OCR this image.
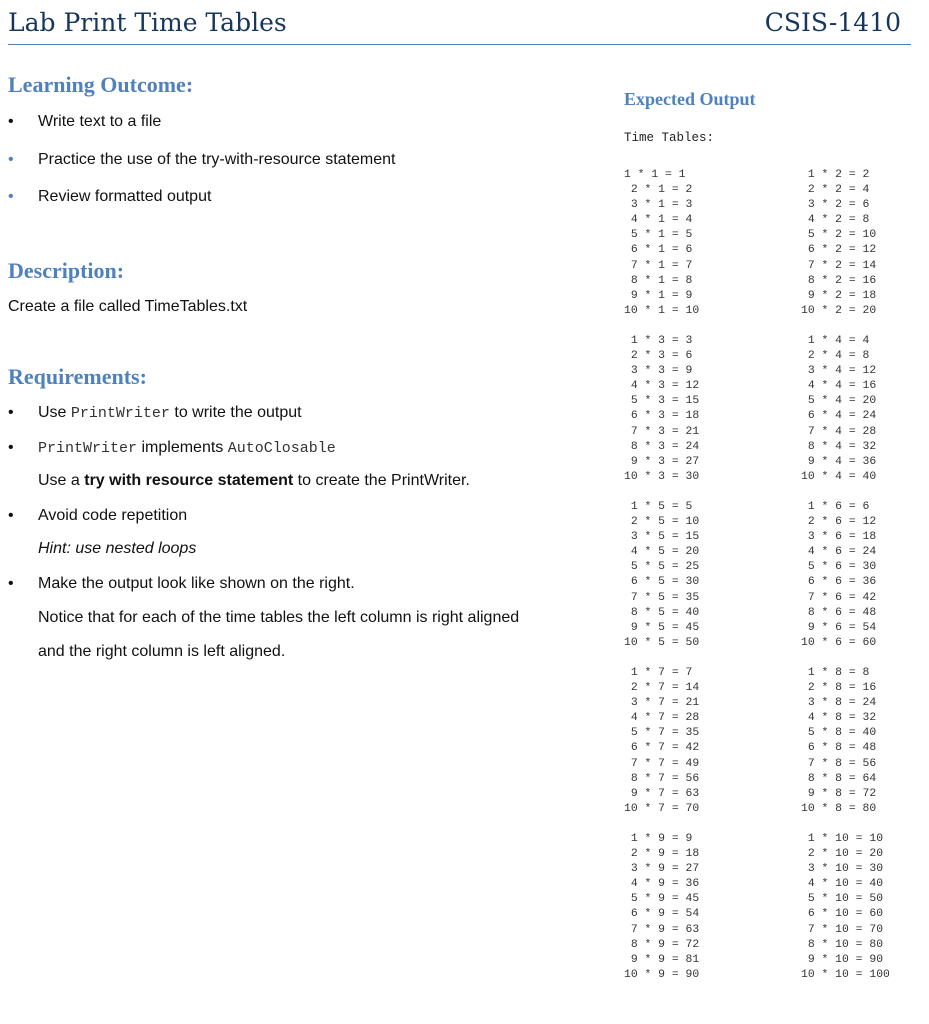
Lab Print Time Tables	CSIS-1410
Learning Outcome:
• Write text to a file
• Practice the use of the try-with-resource statement
• Review formatted output
Description:
Create a file called TimeTables.txt
Requirements:
• Use PrintWriter to write the output
• PrintWriter implements AutoClosable
Use a try with resource statement to create the PrintWriter.
• Avoid code repetition
Hint: use nested loops
• Make the output look like shown on the right.
Notice that for each of the time tables the left column is right aligned
and the right column is left aligned.
Expected Output
Time Tables:
1 * 1 = 1
2 * 1 = 2
3 * 1 = 3
4 * 1 = 4
5 * 1 = 5
6 * 1 = 6
7 * 1 = 7
8 * 1 = 8
9 * 1 = 9
10 * 1 = 10
1 * 2 = 2
2 * 2 = 4
3 * 2 = 6
4 * 2 = 8
5 * 2 = 10
6 * 2 = 12
7 * 2 = 14
8 * 2 = 16
9 * 2 = 18
10 * 2 = 20
1 * 3 = 3
2 * 3 = 6
3 * 3 = 9
4 * 3 = 12
5 * 3 = 15
6 * 3 = 18
7 * 3 = 21
8 * 3 = 24
9 * 3 = 27
10 * 3 = 30
1 * 4 = 4
2 * 4 = 8
3 * 4 = 12
4 * 4 = 16
5 * 4 = 20
6 * 4 = 24
7 * 4 = 28
8 * 4 = 32
9 * 4 = 36
10 * 4 = 40
1 * 5 = 5
2 * 5 = 10
3 * 5 = 15
4 * 5 = 20
5 * 5 = 25
6 * 5 = 30
7 * 5 = 35
8 * 5 = 40
9 * 5 = 45
10 * 5 = 50
1 * 6 = 6
2 * 6 = 12
3 * 6 = 18
4 * 6 = 24
5 * 6 = 30
6 * 6 = 36
7 * 6 = 42
8 * 6 = 48
9 * 6 = 54
10 * 6 = 60
1 * 7 = 7
2 * 7 = 14
3 * 7 = 21
4 * 7 = 28
5 * 7 = 35
6 * 7 = 42
7 * 7 = 49
8 * 7 = 56
9 * 7 = 63
10 * 7 = 70
1 * 8 = 8
2 * 8 = 16
3 * 8 = 24
4 * 8 = 32
5 * 8 = 40
6 * 8 = 48
7 * 8 = 56
8 * 8 = 64
9 * 8 = 72
10 * 8 = 80
1 * 9 = 9
2 * 9 = 18
3 * 9 = 27
4 * 9 = 36
5 * 9 = 45
6 * 9 = 54
7 * 9 = 63
8 * 9 = 72
9 * 9 = 81
10 * 9 = 90
1 * 10 = 10
2 * 10 = 20
3 * 10 = 30
4 * 10 = 40
5 * 10 = 50
6 * 10 = 60
7 * 10 = 70
8 * 10 = 80
9 * 10 = 90
10 * 10 = 100
